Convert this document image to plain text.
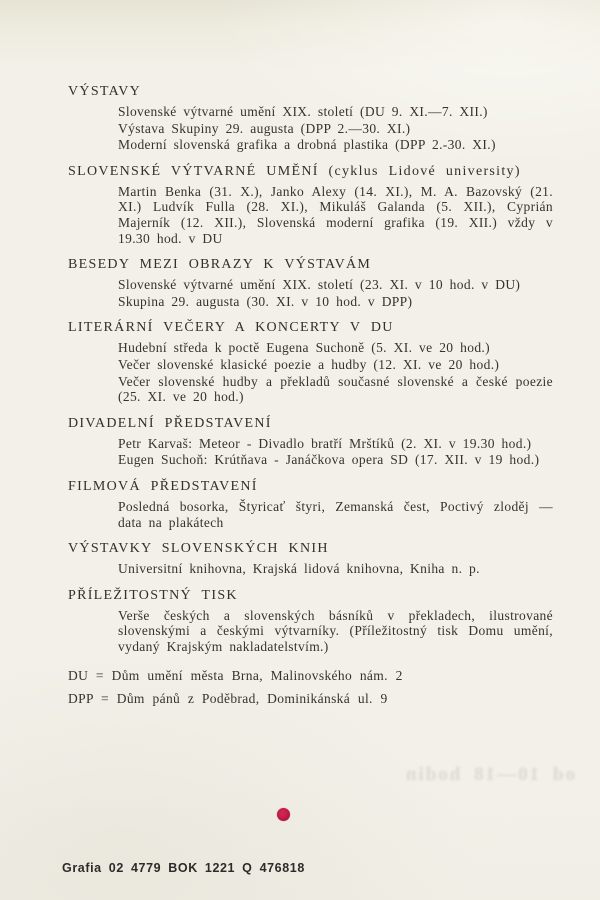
VÝSTAVY

Slovenské výtvarné umění XIX. století (DU 9. XI.—7. XII.)

Výstava Skupiny 29. augusta (DPP 2.—30. XI.)

Moderní slovenská grafika a drobná plastika (DPP 2.-30. XI.)

SLOVENSKÉ VÝTVARNÉ UMĚNÍ (cyklus Lidové university)

Martin Benka (31. X.), Janko Alexy (14. XI.), M. A. Bazovský (21. XI.) Ludvík Fulla (28. XI.), Mikuláš Galanda (5. XII.), Cyprián Majerník (12. XII.), Slovenská moderní grafika (19. XII.) vždy v 19.30 hod. v DU

BESEDY MEZI OBRAZY K VÝSTAVÁM

Slovenské výtvarné umění XIX. století (23. XI. v 10 hod. v DU)

Skupina 29. augusta (30. XI. v 10 hod. v DPP)

LITERÁRNÍ VEČERY A KONCERTY V DU

Hudební středa k poctě Eugena Suchoně (5. XI. ve 20 hod.)

Večer slovenské klasické poezie a hudby (12. XI. ve 20 hod.)

Večer slovenské hudby a překladů současné slovenské a české poezie (25. XI. ve 20 hod.)

DIVADELNÍ PŘEDSTAVENÍ

Petr Karvaš: Meteor - Divadlo bratří Mrštíků (2. XI. v 19.30 hod.)

Eugen Suchoň: Krútňava - Janáčkova opera SD (17. XII. v 19 hod.)

FILMOVÁ PŘEDSTAVENÍ

Posledná bosorka, Štyricať štyri, Zemanská čest, Poctivý zloděj — data na plakátech

VÝSTAVKY SLOVENSKÝCH KNIH

Universitní knihovna, Krajská lidová knihovna, Kniha n. p.

PŘÍLEŽITOSTNÝ TISK

Verše českých a slovenských básníků v překladech, ilustrované slovenskými a českými výtvarníky. (Příležitostný tisk Domu umění, vydaný Krajským nakladatelstvím.)

DU = Dům umění města Brna, Malinovského nám. 2

DPP = Dům pánů z Poděbrad, Dominikánská ul. 9

od 10—18 hodin
Grafia 02 4779 BOK 1221 Q 476818
